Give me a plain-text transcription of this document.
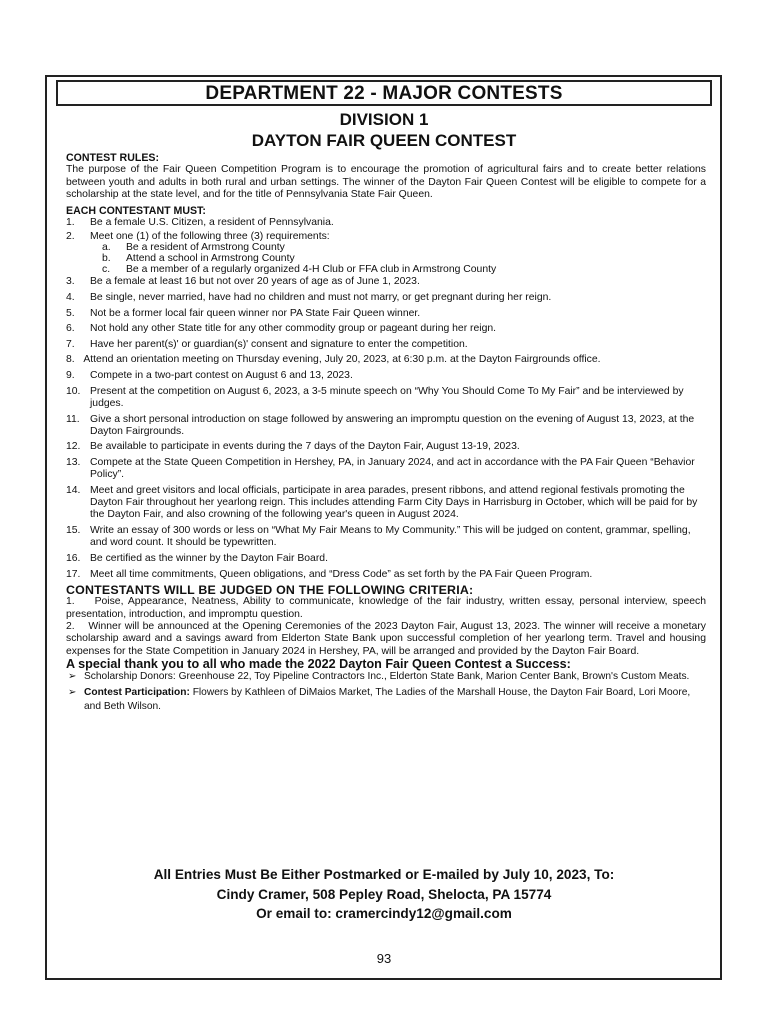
DEPARTMENT 22 - MAJOR CONTESTS
DIVISION 1
DAYTON FAIR QUEEN CONTEST

CONTEST RULES:

The purpose of the Fair Queen Competition Program is to encourage the promotion of agricultural fairs and to create better relations between youth and adults in both rural and urban settings. The winner of the Dayton Fair Queen Contest will be eligible to compete for a scholarship at the state level, and for the title of Pennsylvania State Fair Queen.

EACH CONTESTANT MUST:

1. Be a female U.S. Citizen, a resident of Pennsylvania.
2. Meet one (1) of the following three (3) requirements:
a. Be a resident of Armstrong County
b. Attend a school in Armstrong County
c. Be a member of a regularly organized 4-H Club or FFA club in Armstrong County
3. Be a female at least 16 but not over 20 years of age as of June 1, 2023.
4. Be single, never married, have had no children and must not marry, or get pregnant during her reign.
5. Not be a former local fair queen winner nor PA State Fair Queen winner.
6. Not hold any other State title for any other commodity group or pageant during her reign.
7. Have her parent(s)' or guardian(s)' consent and signature to enter the competition.
8. Attend an orientation meeting on Thursday evening, July 20, 2023, at 6:30 p.m. at the Dayton Fairgrounds office.
9. Compete in a two-part contest on August 6 and 13, 2023.
10. Present at the competition on August 6, 2023, a 3-5 minute speech on “Why You Should Come To My Fair” and be interviewed by judges.
11. Give a short personal introduction on stage followed by answering an impromptu question on the evening of August 13, 2023, at the Dayton Fairgrounds.
12. Be available to participate in events during the 7 days of the Dayton Fair, August 13-19, 2023.
13. Compete at the State Queen Competition in Hershey, PA, in January 2024, and act in accordance with the PA Fair Queen “Behavior Policy”.
14. Meet and greet visitors and local officials, participate in area parades, present ribbons, and attend regional festivals promoting the Dayton Fair throughout her yearlong reign. This includes attending Farm City Days in Harrisburg in October, which will be paid for by the Dayton Fair, and also crowning of the following year's queen in August 2024.
15. Write an essay of 300 words or less on “What My Fair Means to My Community.” This will be judged on content, grammar, spelling, and word count. It should be typewritten.
16. Be certified as the winner by the Dayton Fair Board.
17. Meet all time commitments, Queen obligations, and “Dress Code” as set forth by the PA Fair Queen Program.

CONTESTANTS WILL BE JUDGED ON THE FOLLOWING CRITERIA:

1.    Poise, Appearance, Neatness, Ability to communicate, knowledge of the fair industry, written essay, personal interview, speech presentation, introduction, and impromptu question.

2.    Winner will be announced at the Opening Ceremonies of the 2023 Dayton Fair, August 13, 2023. The winner will receive a monetary scholarship award and a savings award from Elderton State Bank upon successful completion of her yearlong term. Travel and housing expenses for the State Competition in January 2024 in Hershey, PA, will be arranged and provided by the Dayton Fair Board.

A special thank you to all who made the 2022 Dayton Fair Queen Contest a Success:

➢ Scholarship Donors: Greenhouse 22, Toy Pipeline Contractors Inc., Elderton State Bank, Marion Center Bank, Brown's Custom Meats.
➢ Contest Participation: Flowers by Kathleen of DiMaios Market, The Ladies of the Marshall House, the Dayton Fair Board, Lori Moore, and Beth Wilson.
All Entries Must Be Either Postmarked or E-mailed by July 10, 2023, To:
Cindy Cramer, 508 Pepley Road, Shelocta, PA 15774
Or email to: cramercindy12@gmail.com
93
